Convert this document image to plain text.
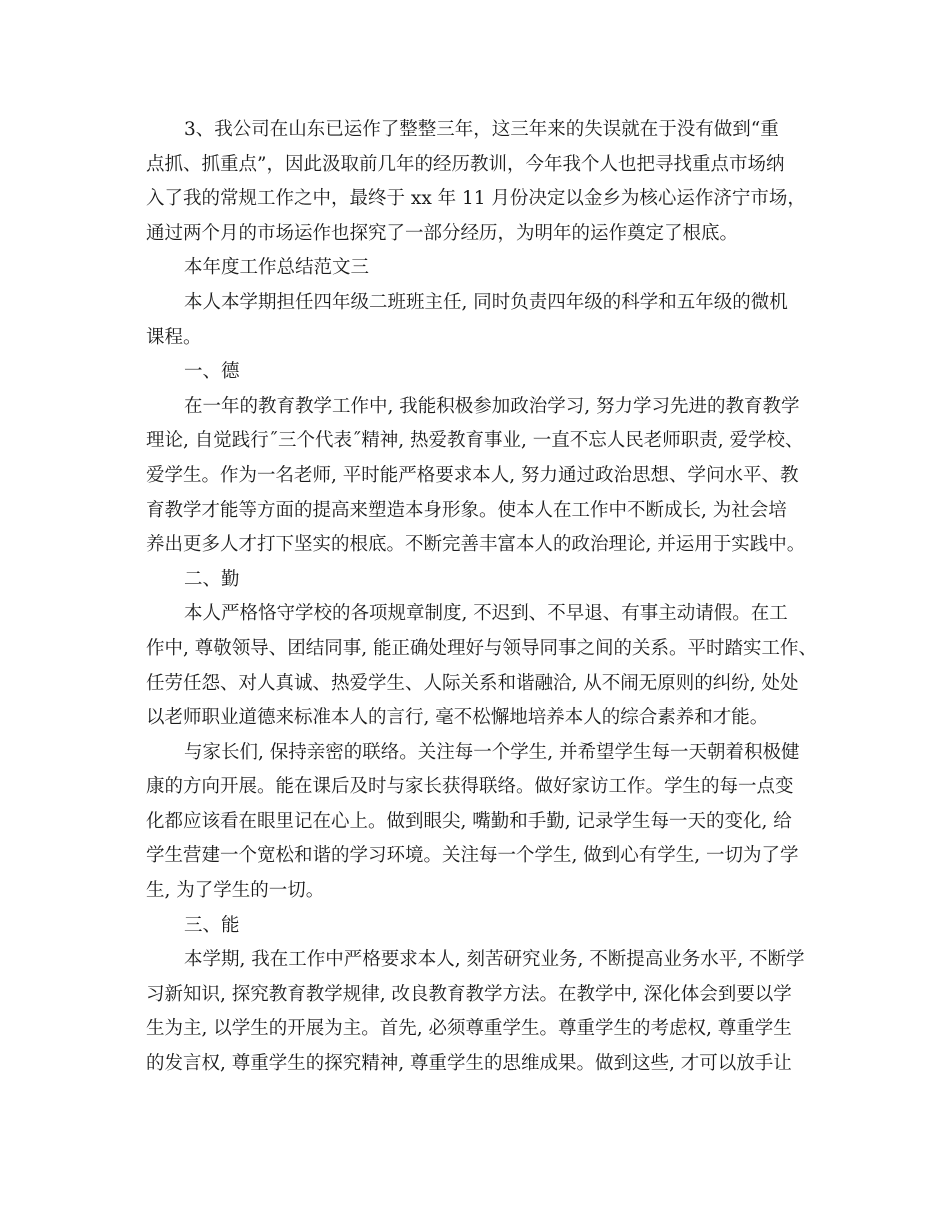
3、我公司在山东已运作了整整三年，这三年来的失误就在于没有做到“重
点抓、抓重点”，因此汲取前几年的经历教训，今年我个人也把寻找重点市场纳
入了我的常规工作之中，最终于 xx 年 11 月份决定以金乡为核心运作济宁市场，
通过两个月的市场运作也探究了一部分经历，为明年的运作奠定了根底。
本年度工作总结范文三
本人本学期担任四年级二班班主任, 同时负责四年级的科学和五年级的微机
课程。
一、德
在一年的教育教学工作中, 我能积极参加政治学习, 努力学习先进的教育教学
理论, 自觉践行˝三个代表˝精神, 热爱教育事业, 一直不忘人民老师职责, 爱学校、
爱学生。作为一名老师, 平时能严格要求本人, 努力通过政治思想、学问水平、教
育教学才能等方面的提高来塑造本身形象。使本人在工作中不断成长, 为社会培
养出更多人才打下坚实的根底。不断完善丰富本人的政治理论, 并运用于实践中。
二、勤
本人严格恪守学校的各项规章制度, 不迟到、不早退、有事主动请假。在工
作中, 尊敬领导、团结同事, 能正确处理好与领导同事之间的关系。平时踏实工作、
任劳任怨、对人真诚、热爱学生、人际关系和谐融洽, 从不闹无原则的纠纷, 处处
以老师职业道德来标准本人的言行, 毫不松懈地培养本人的综合素养和才能。
与家长们, 保持亲密的联络。关注每一个学生, 并希望学生每一天朝着积极健
康的方向开展。能在课后及时与家长获得联络。做好家访工作。学生的每一点变
化都应该看在眼里记在心上。做到眼尖, 嘴勤和手勤, 记录学生每一天的变化, 给
学生营建一个宽松和谐的学习环境。关注每一个学生, 做到心有学生, 一切为了学
生, 为了学生的一切。
三、能
本学期, 我在工作中严格要求本人, 刻苦研究业务, 不断提高业务水平, 不断学
习新知识, 探究教育教学规律, 改良教育教学方法。在教学中, 深化体会到要以学
生为主, 以学生的开展为主。首先, 必须尊重学生。尊重学生的考虑权, 尊重学生
的发言权, 尊重学生的探究精神, 尊重学生的思维成果。做到这些, 才可以放手让
